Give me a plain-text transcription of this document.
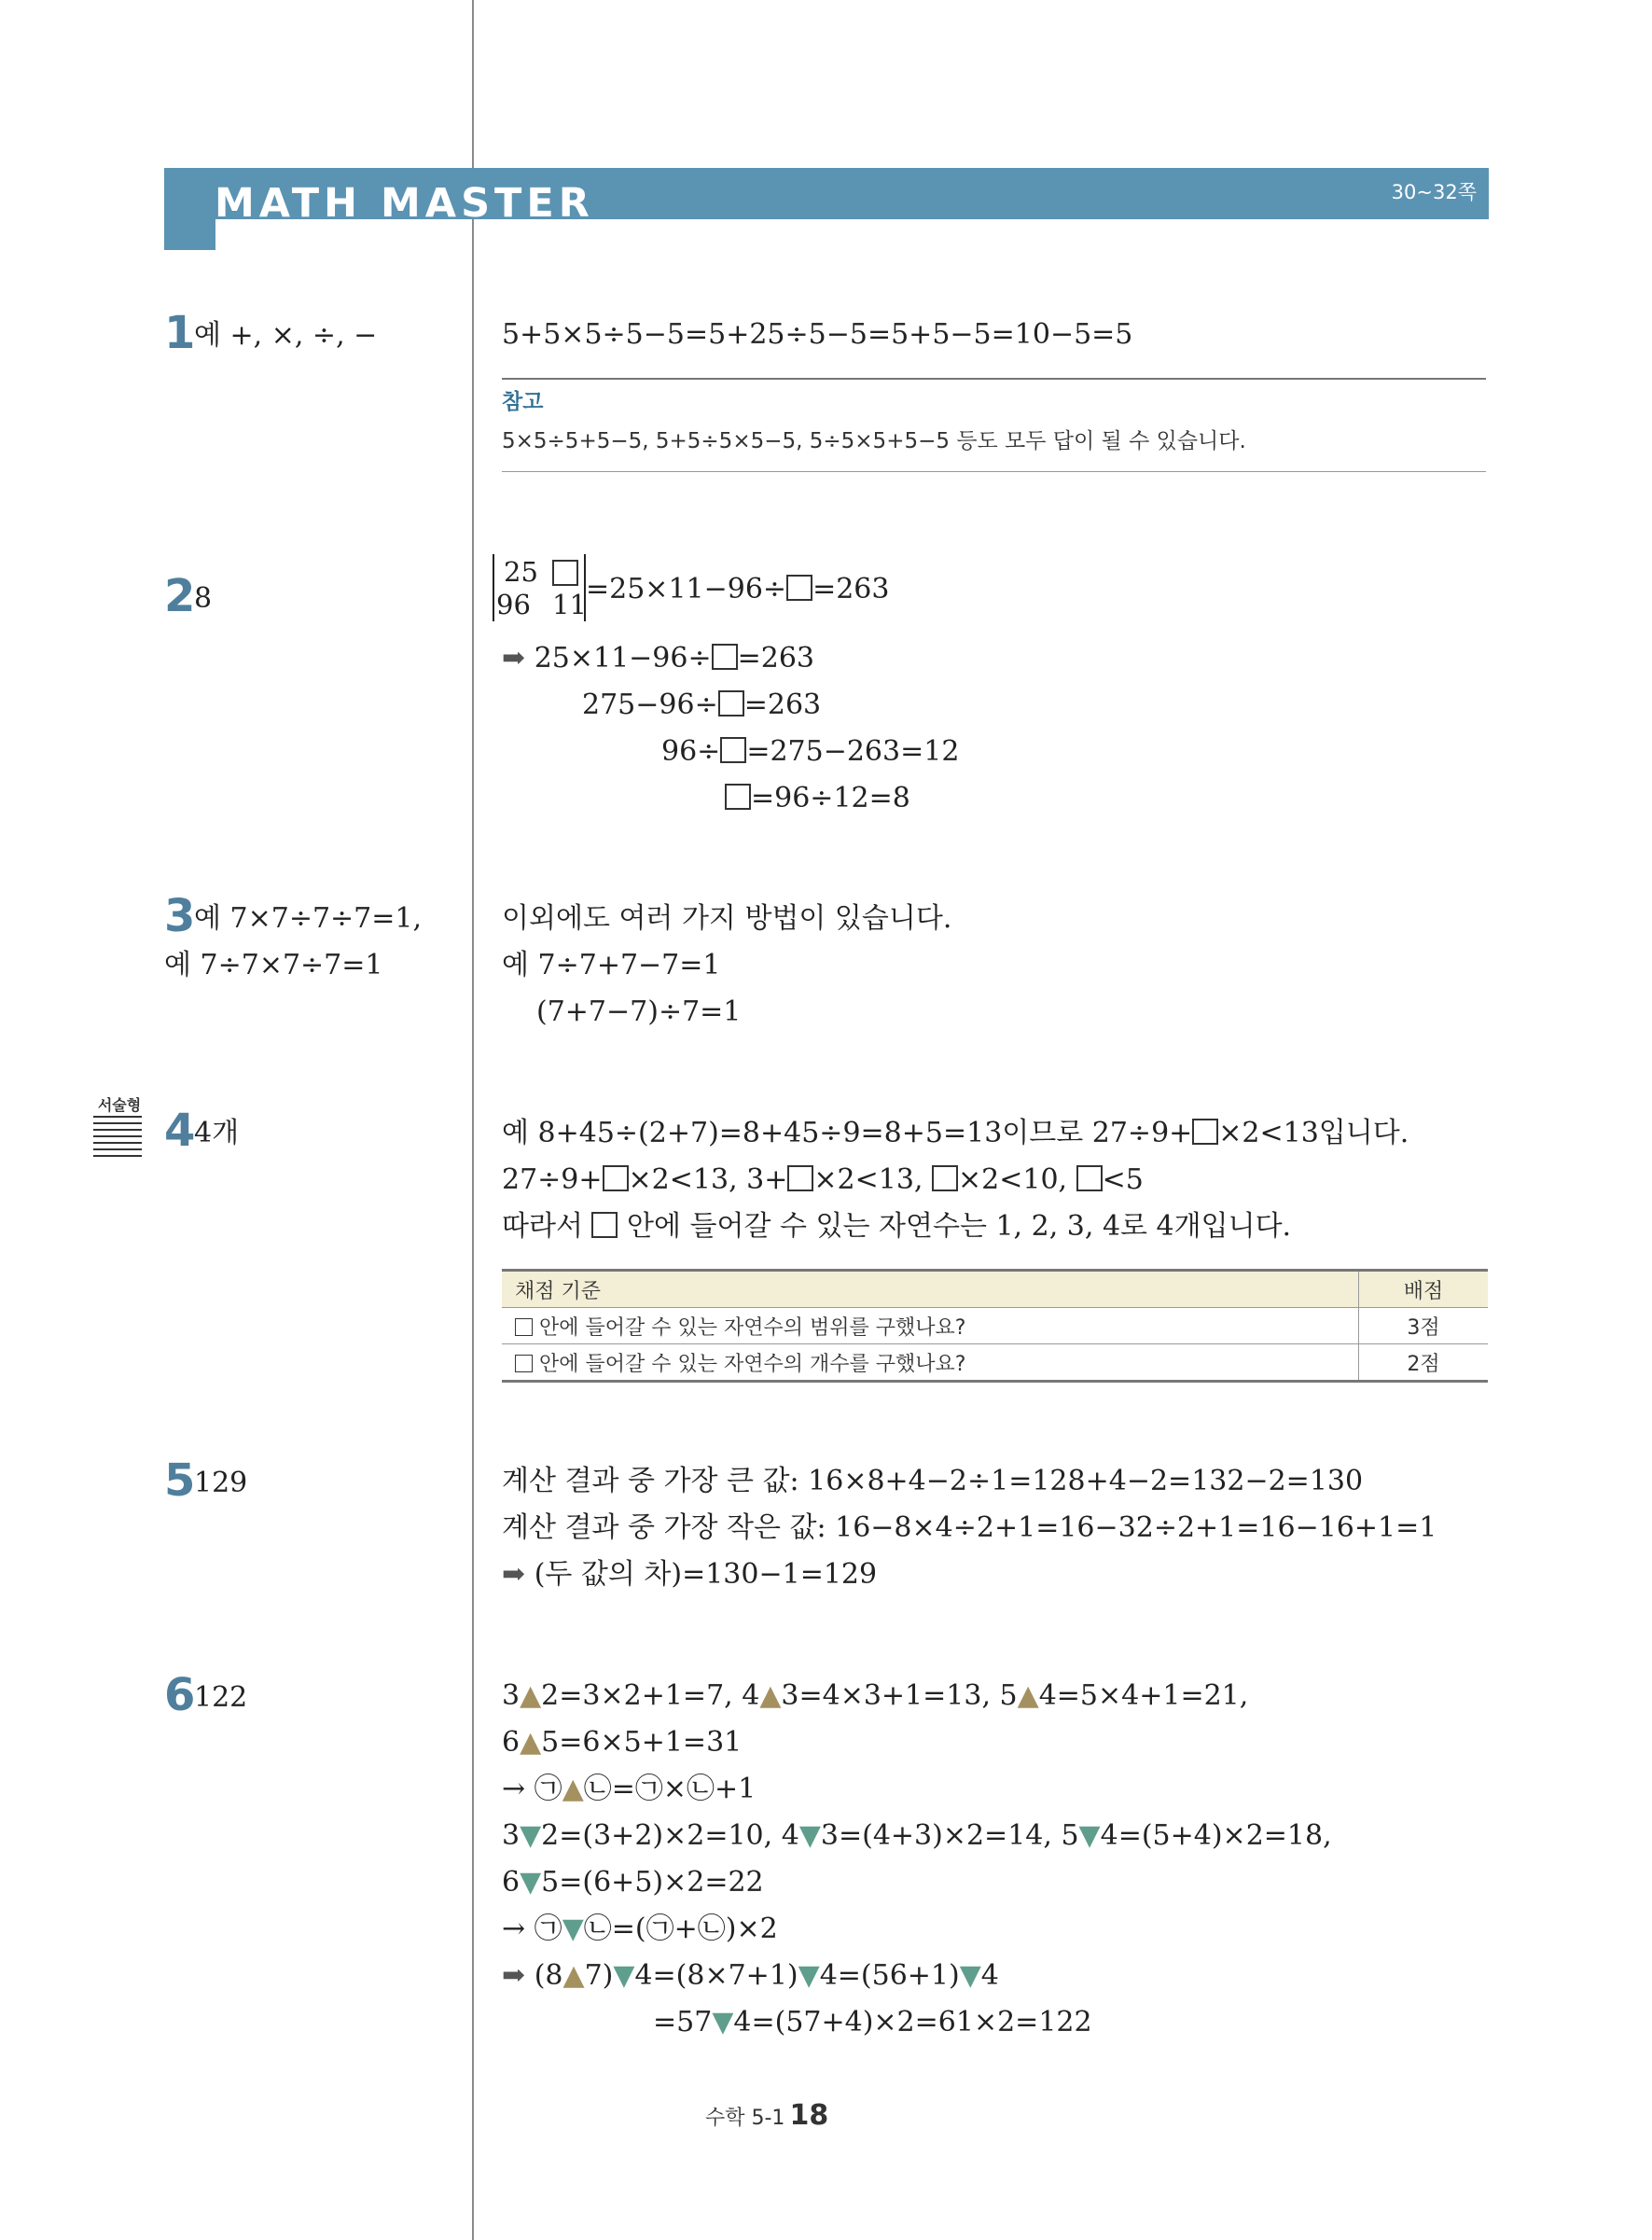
MATH MASTER	30~32쪽
1
예 +, ×, ÷, −	5+5×5÷5−5=5+25÷5−5=5+5−5=10−5=5
참고
5×5÷5+5−5, 5+5÷5×5−5, 5÷5×5+5−5 등도 모두 답이 될 수 있습니다.
2
8
25
96 11 =25×11−96÷ =263
➡ 25×11−96÷ =263
275−96÷ =263
96÷ =275−263=12
=96÷12=8
3
예 7×7÷7÷7=1,
예 7÷7×7÷7=1
이외에도 여러 가지 방법이 있습니다.
예 7÷7+7−7=1
(7+7−7)÷7=1
서술형 4
4개	예 8+45÷(2+7)=8+45÷9=8+5=13이므로 27÷9+ ×2<13입니다.
27÷9+ ×2<13, 3+ ×2<13, ×2<10, <5
따라서  안에 들어갈 수 있는 자연수는 1, 2, 3, 4로 4개입니다.
채점 기준	배점
안에 들어갈 수 있는 자연수의 범위를 구했나요?	3점
안에 들어갈 수 있는 자연수의 개수를 구했나요?	2점
5
129	계산 결과 중 가장 큰 값: 16×8+4−2÷1=128+4−2=132−2=130
계산 결과 중 가장 작은 값: 16−8×4÷2+1=16−32÷2+1=16−16+1=1
➡ (두 값의 차)=130−1=129
6
122	3▲2=3×2+1=7, 4▲3=4×3+1=13, 5▲4=5×4+1=21,
6▲5=6×5+1=31
→ ㉠▲㉡=㉠×㉡+1
3▼2=(3+2)×2=10, 4▼3=(4+3)×2=14, 5▼4=(5+4)×2=18,
6▼5=(6+5)×2=22
→ ㉠▼㉡=(㉠+㉡)×2
➡ (8▲7)▼4=(8×7+1)▼4=(56+1)▼4
=57▼4=(57+4)×2=61×2=122
수학 5-1 18
